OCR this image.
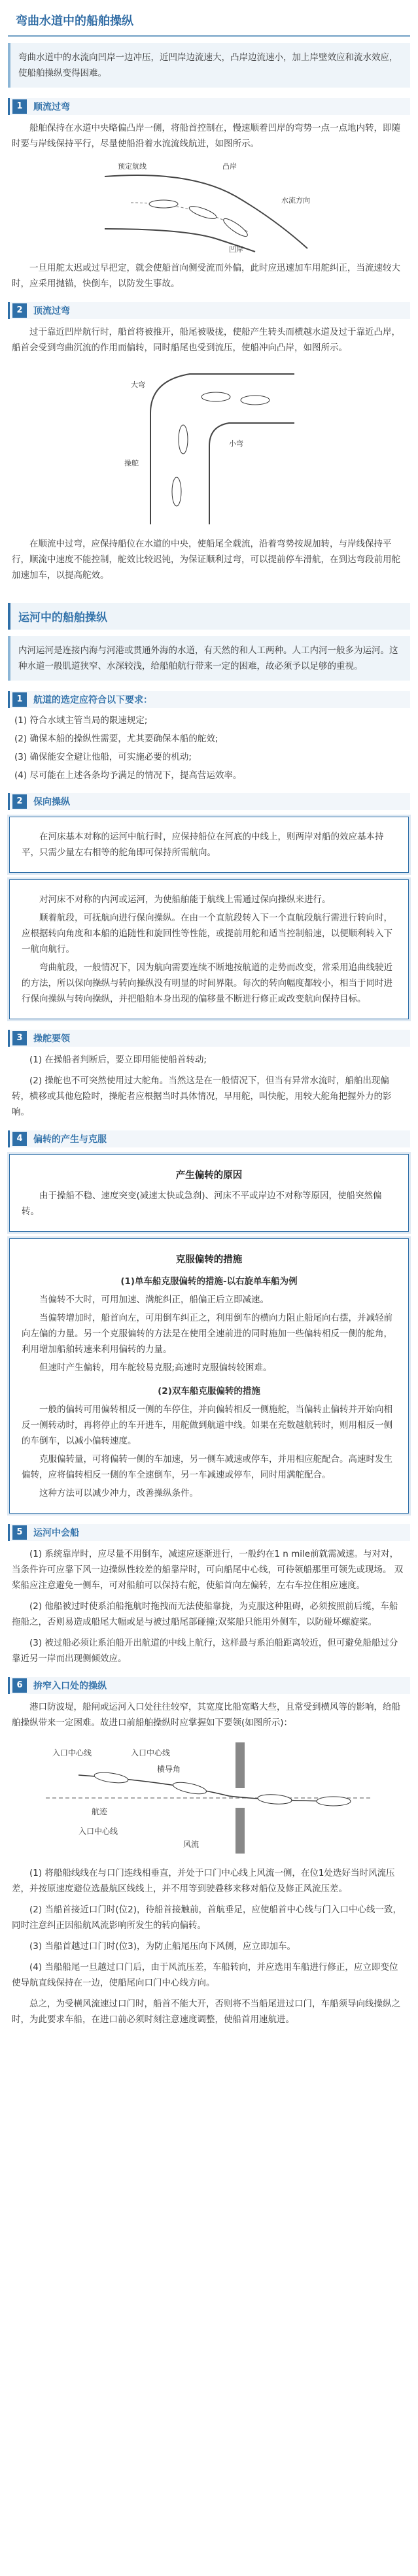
弯曲水道中的船舶操纵
弯曲水道中的水流向凹岸一边冲压，近凹岸边流速大，凸岸边流速小，加上岸壁效应和流水效应，使船舶操纵变得困难。
1	顺流过弯

船舶保持在水道中央略偏凸岸一侧，将船首控制在，慢速顺着凹岸的弯势一点一点地内转，即随时要与岸线保持平行，尽量使船沿着水流流线航进，如图所示。

预定航线	凸岸
凹岸
水流方向

一旦用舵太迟或过早把定，就会使船首向侧受流而外偏，此时应迅速加车用舵纠正，当流速较大时，应采用抛锚，快倒车，以防发生事故。

2	顶流过弯

过于靠近凹岸航行时，船首将被推开，船尾被吸拢，使船产生转头而横越水道及过于靠近凸岸，船首会受到弯曲沉流的作用而偏转，同时船尾也受到流压，使船冲向凸岸，如图所示。

大弯
操舵
小弯

在顺流中过弯，应保持船位在水道的中央，使船尾全载流，沿着弯势按规加转，与岸线保持平行，顺流中速度不能控制，舵效比较迟钝，为保证顺利过弯，可以提前停车滑航，在到达弯段前用舵加速加车，以提高舵效。

运河中的船舶操纵
内河运河是连接内海与河港或贯通外海的水道，有天然的和人工两种。人工内河一般多为运河。这种水道一般肌道狭窄、水深较浅，给船舶航行带来一定的困难，故必须予以足够的重视。
1	航道的选定应符合以下要求：
(1) 符合水域主管当局的限速规定;
(2) 确保本船的操纵性需要，尤其要确保本船的舵效;
(3) 确保能安全避让他船，可实施必要的机动;
(4) 尽可能在上述各条均予满足的情况下，提高营运效率。
2	保向操纵

在河床基本对称的运河中航行时，应保持船位在河底的中线上，则两岸对船的效应基本持平，只需少量左右相等的舵角即可保持所需航向。

对河床不对称的内河或运河，为使船舶能于航线上需通过保向操纵来进行。

顺着航段，可抚航向进行保向操纵。在由一个直航段转入下一个直航段航行需进行转向时，应根据转向角度和本船的追随性和旋回性等性能，或提前用舵和适当控制船速，以便顺利转入下一航向航行。

弯曲航段，一般情况下，因为航向需要连续不断地按航道的走势而改变，常采用追曲线驶近的方法，所以保向操纵与转向操纵没有明显的时间界限。每次的转向幅度都较小，相当于同时进行保向操纵与转向操纵，并把船舶本身出现的偏移量不断进行修正或改变航向保持目标。

3	操舵要领

(1) 在操船者判断后，要立即用能使船首转动;

(2) 操舵也不可突然使用过大舵角。当然这是在一般情况下，但当有异常水流时，船舶出现偏转，横移或其他危险时，操舵者应根据当时具体情况，早用舵，叫快舵，用较大舵角把握外力的影响。

4	偏转的产生与克服
产生偏转的原因

由于操船不稳、速度突变(减速太快或急刹)、河床不平或岸边不对称等原因，使船突然偏转。

克服偏转的措施
(1)单车船克服偏转的措施-以右旋单车船为例

当偏转不大时，可用加速、满舵纠正，船偏正后立即减速。

当偏转增加时，船首向左，可用倒车纠正之，利用倒车的横向力阻止船尾向右摆，并减轻前向左偏的力量。另一个克服偏转的方法是在使用全速前进的同时施加一些偏转相反一侧的舵角，利用增加船舶转速来利用偏转的力量。

但速时产生偏转，用车舵较易克服;高速时克服偏转较困难。

(2)双车船克服偏转的措施

一般的偏转可用偏转相反一侧的车停住，并向偏转相反一侧施舵，当偏转止偏转并开始向相反一侧转动时，再将停止的车开进车，用舵做到航道中线。如果在充数越航转时，则用相反一侧的车倒车，以减小偏转速度。

克服偏转量，可将偏转一侧的车加速，另一侧车减速或停车，并用相应舵配合。高速时发生偏转，应将偏转相反一侧的车全速倒车，另一车减速或停车，同时用满舵配合。

这种方法可以减少冲力，改善操纵条件。

5	运河中会船

(1) 系统靠岸时，应尽量不用倒车，减速应逐渐进行，一般约在1 n mile前就需减速。与对对，当条件许可应靠下风一边操纵性较差的船靠岸时，可向船尾中心线，可待领船那里可领先或现场。 双桨船应注意避免一侧车，可对船舶可以保持右舵，使船首向左偏转，左右车拉住相应速度。

(2) 他船被过时使系泊船拖航时拖拽而无法使船靠拢，为克服这种阻碍，必须按照前后缆，车船拖船之，否则易造成船尾大幅或是与被过船尾部碰撞;双桨船只能用外侧车，以防碰坏螺旋桨。

(3) 被过船必须让系泊船开出航道的中线上航行，这样最与系泊船距离较近，但可避免船船过分靠近另一岸而出现侧倾效应。

6	拚窄入口处的操纵

港口防波堤，船闸或运河入口处往往较窄，其宽度比船宽略大些，且常受到横风等的影响，给船舶操纵带来一定困难。故进口前船舶操纵时应掌握如下要领(如图所示)：

入口中心线	入口中心线
横导角
航迹
入口中心线
风流

(1) 将船船线线在与口门连线相垂直，并处于口门中心线上风流一侧，在位1处选好当时风流压差，并按原速度避位选最航区线线上，并不用等到驶叠移来移对船位及修正风流压差。

(2) 当船首接近口门时(位2)，待船首接触前，首航垂足，应使船首中心线与门入口中心线一致，同时注意纠正因船航风流影响所发生的转向偏转。

(3) 当船首越过口门时(位3)，为防止船尾压向下风侧，应立即加车。

(4) 当船船尾一旦越过口门后，由于风流压差，车船转向，并应选用车船进行修正，应立即变位使导航直线保持在一边，使船尾向口门中心线方向。

总之，为受横风流速过口门时，船首不能大开，否则将不当船尾进过口门，车船须导向线操纵之时，为此要求车船，在进口前必须时刻注意速度调整，使船首用速航进。
